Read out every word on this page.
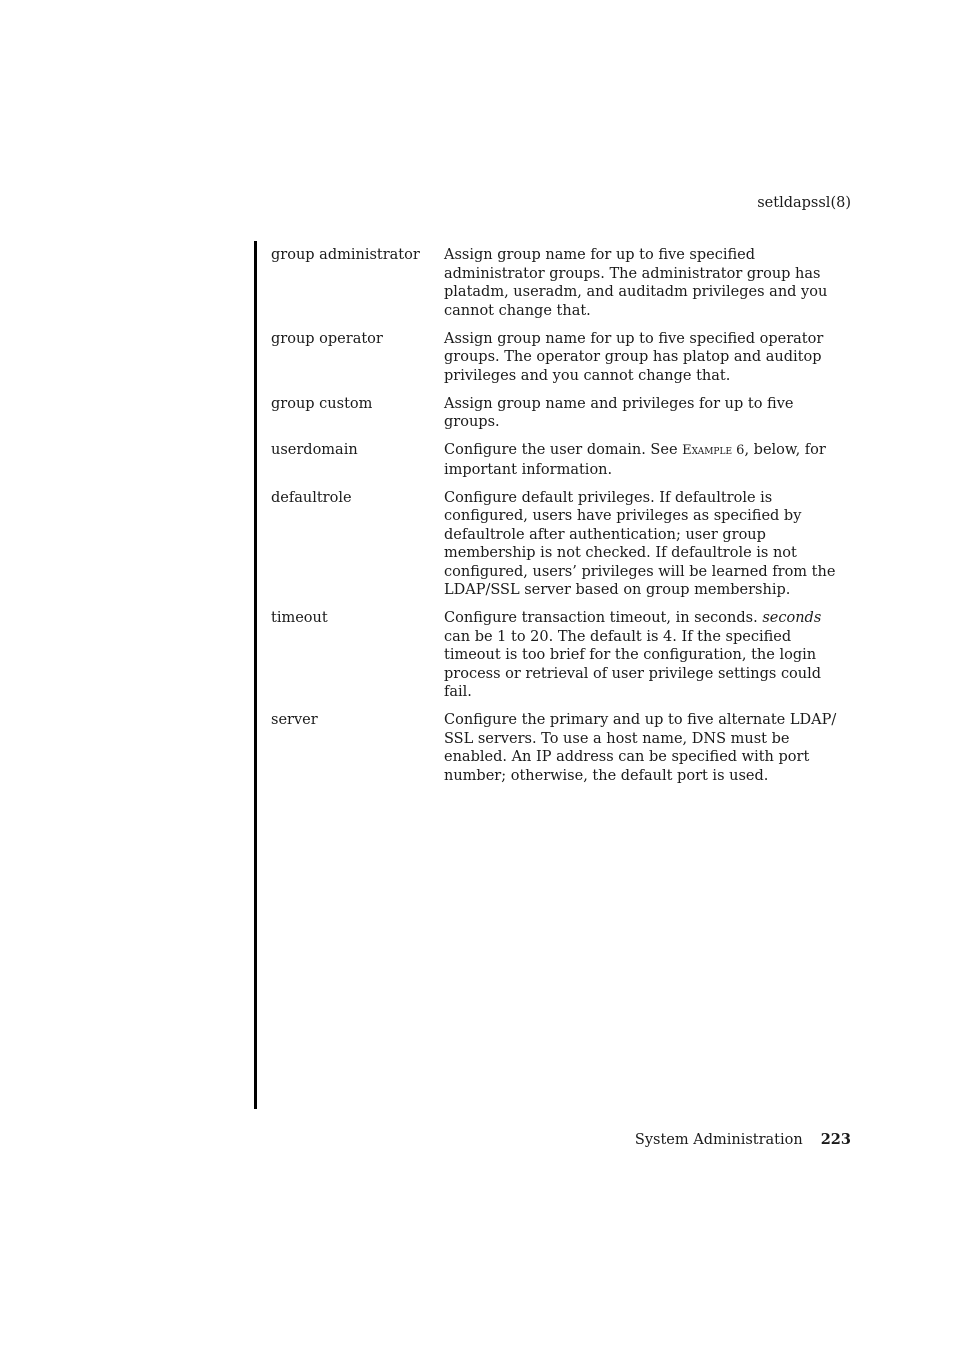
setldapssl(8)
group administrator	Assign group name for up to five specified administrator groups. The administrator group has platadm, useradm, and auditadm privileges and you cannot change that.
group operator	Assign group name for up to five specified operator groups. The operator group has platop and auditop privileges and you cannot change that.
group custom	Assign group name and privileges for up to five groups.
userdomain	Configure the user domain. See Example 6, below, for important information.
defaultrole	Configure default privileges. If defaultrole is configured, users have privileges as specified by defaultrole after authentication; user group membership is not checked. If defaultrole is not configured, users’ privileges will be learned from the LDAP/SSL server based on group membership.
timeout	Configure transaction timeout, in seconds. seconds can be 1 to 20. The default is 4. If the specified timeout is too brief for the configuration, the login process or retrieval of user privilege settings could fail.
server	Configure the primary and up to five alternate LDAP/ SSL servers. To use a host name, DNS must be enabled. An IP address can be specified with port number; otherwise, the default port is used.
System Administration 223
